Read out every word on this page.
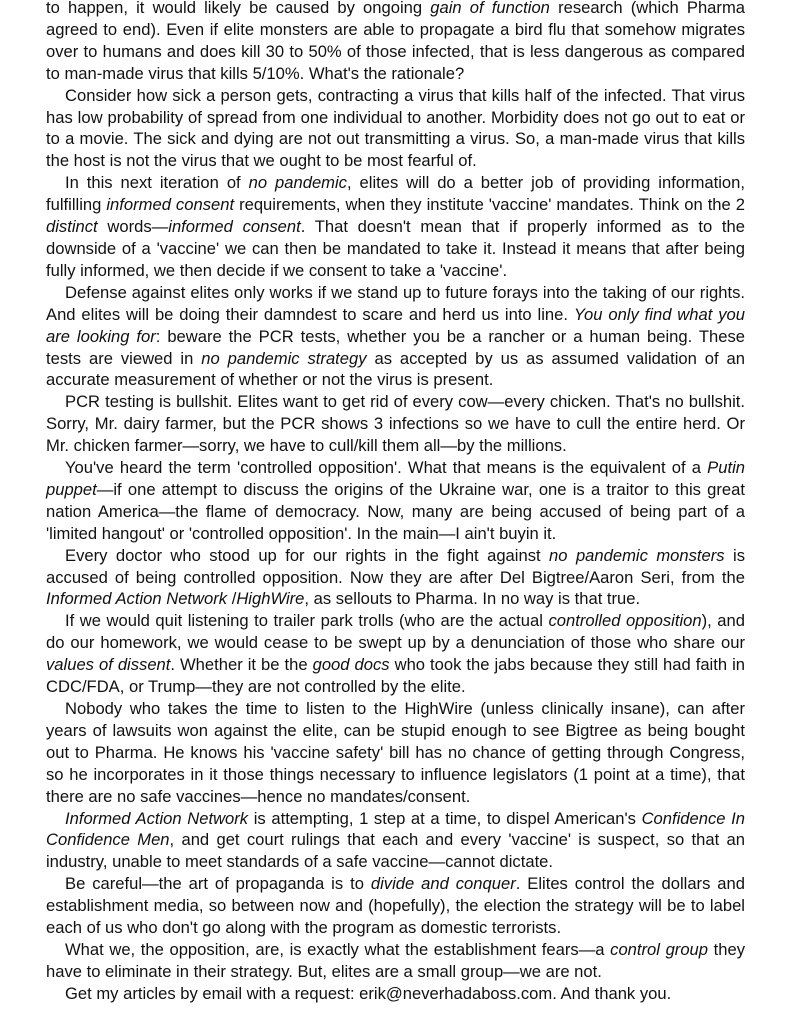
to happen, it would likely be caused by ongoing gain of function research (which Pharma agreed to end). Even if elite monsters are able to propagate a bird flu that somehow migrates over to humans and does kill 30 to 50% of those infected, that is less dangerous as compared to man-made virus that kills 5/10%. What's the rationale?

Consider how sick a person gets, contracting a virus that kills half of the infected. That virus has low probability of spread from one individual to another. Morbidity does not go out to eat or to a movie. The sick and dying are not out transmitting a virus. So, a man-made virus that kills the host is not the virus that we ought to be most fearful of.

In this next iteration of no pandemic, elites will do a better job of providing information, fulfilling informed consent requirements, when they institute 'vaccine' mandates. Think on the 2 distinct words—informed consent. That doesn't mean that if properly informed as to the downside of a 'vaccine' we can then be mandated to take it. Instead it means that after being fully informed, we then decide if we consent to take a 'vaccine'.

Defense against elites only works if we stand up to future forays into the taking of our rights. And elites will be doing their damndest to scare and herd us into line. You only find what you are looking for: beware the PCR tests, whether you be a rancher or a human being. These tests are viewed in no pandemic strategy as accepted by us as assumed validation of an accurate measurement of whether or not the virus is present.

PCR testing is bullshit. Elites want to get rid of every cow—every chicken. That's no bullshit. Sorry, Mr. dairy farmer, but the PCR shows 3 infections so we have to cull the entire herd. Or Mr. chicken farmer—sorry, we have to cull/kill them all—by the millions.

You've heard the term 'controlled opposition'. What that means is the equivalent of a Putin puppet—if one attempt to discuss the origins of the Ukraine war, one is a traitor to this great nation America—the flame of democracy. Now, many are being accused of being part of a 'limited hangout' or 'controlled opposition'. In the main—I ain't buyin it.

Every doctor who stood up for our rights in the fight against no pandemic monsters is accused of being controlled opposition. Now they are after Del Bigtree/Aaron Seri, from the Informed Action Network /HighWire, as sellouts to Pharma. In no way is that true.

If we would quit listening to trailer park trolls (who are the actual controlled opposition), and do our homework, we would cease to be swept up by a denunciation of those who share our values of dissent. Whether it be the good docs who took the jabs because they still had faith in CDC/FDA, or Trump—they are not controlled by the elite.

Nobody who takes the time to listen to the HighWire (unless clinically insane), can after years of lawsuits won against the elite, can be stupid enough to see Bigtree as being bought out to Pharma. He knows his 'vaccine safety' bill has no chance of getting through Congress, so he incorporates in it those things necessary to influence legislators (1 point at a time), that there are no safe vaccines—hence no mandates/consent.

Informed Action Network is attempting, 1 step at a time, to dispel American's Confidence In Confidence Men, and get court rulings that each and every 'vaccine' is suspect, so that an industry, unable to meet standards of a safe vaccine—cannot dictate.

Be careful—the art of propaganda is to divide and conquer. Elites control the dollars and establishment media, so between now and (hopefully), the election the strategy will be to label each of us who don't go along with the program as domestic terrorists.

What we, the opposition, are, is exactly what the establishment fears—a control group they have to eliminate in their strategy. But, elites are a small group—we are not.

Get my articles by email with a request: erik@neverhadaboss.com. And thank you.
